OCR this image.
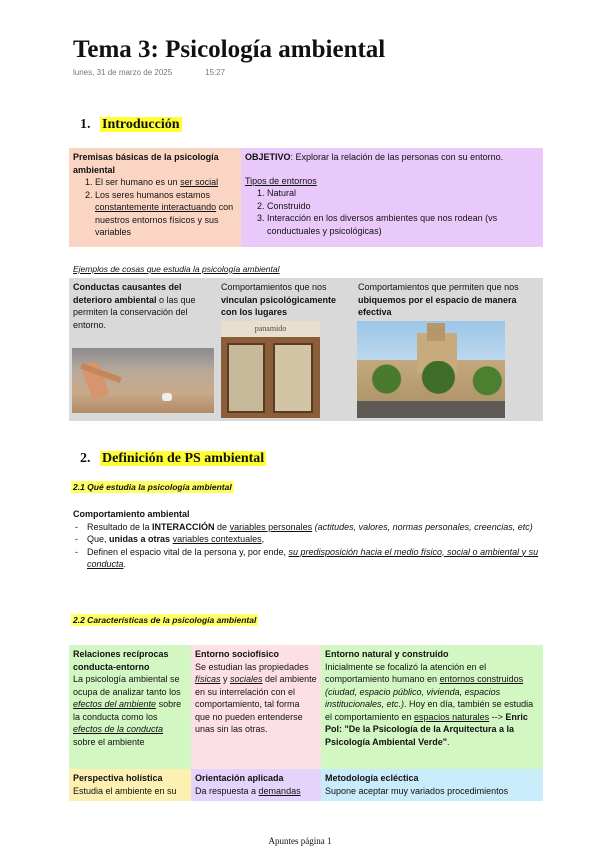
Tema 3: Psicología ambiental
lunes, 31 de marzo de 2025	15:27
1. Introducción
Premisas básicas de la psicología ambiental
1. El ser humano es un ser social
2. Los seres humanos estamos constantemente interactuando con nuestros entornos físicos y sus variables
OBJETIVO: Explorar la relación de las personas con su entorno.
Tipos de entornos
1. Natural
2. Construido
3. Interacción en los diversos ambientes que nos rodean (vs conductuales y psicológicas)
Ejemplos de cosas que estudia la psicología ambiental
Conductas causantes del deterioro ambiental o las que permiten la conservación del entorno.
Comportamientos que nos vinculan psicológicamente con los lugares
Comportamientos que permiten que nos ubiquemos por el espacio de manera efectiva
panamido
2. Definición de PS ambiental
2.1 Qué estudia la psicología ambiental
Comportamiento ambiental
- Resultado de la INTERACCIÓN de variables personales (actitudes, valores, normas personales, creencias, etc)
- Que, unidas a otras variables contextuales,
- Definen el espacio vital de la persona y, por ende, su predisposición hacia el medio físico, social o ambiental y su conducta.
2.2 Características de la psicología ambiental
Relaciones recíprocas conducta-entorno
La psicología ambiental se ocupa de analizar tanto los efectos del ambiente sobre la conducta como los efectos de la conducta sobre el ambiente
Entorno sociofísico
Se estudian las propiedades físicas y sociales del ambiente en su interrelación con el comportamiento, tal forma que no pueden entenderse unas sin las otras.
Entorno natural y construido
Inicialmente se focalizó la atención en el comportamiento humano en entornos construidos (ciudad, espacio público, vivienda, espacios institucionales, etc.). Hoy en día, también se estudia el comportamiento en espacios naturales --> Enric Pol: "De la Psicología de la Arquitectura a la Psicología Ambiental Verde".
Perspectiva holística
Estudia el ambiente en su
Orientación aplicada
Da respuesta a demandas
Metodología ecléctica
Supone aceptar muy variados procedimientos
Apuntes página 1
